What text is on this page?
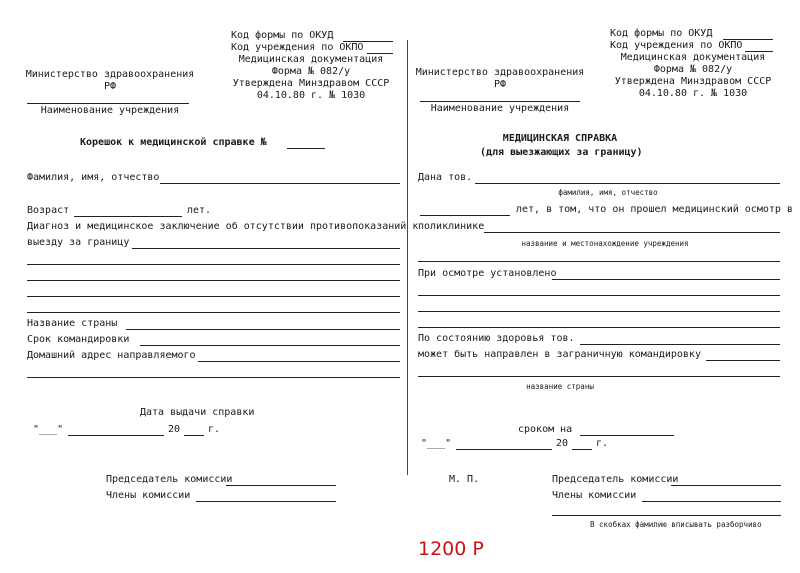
Код формы по ОКУД
Код учреждения по ОКПО
Медицинская документация
Форма № 082/у
Утверждена Минздравом СССР
04.10.80 г. № 1030
Министерство здравоохранения
РФ
Наименование учреждения
Корешок к медицинской справке №
Фамилия, имя, отчество
Возраст	лет.
Диагноз и медицинское заключение об отсутствии противопоказаний к
выезду за границу
Название страны
Срок командировки
Домашний адрес направляемого
Дата выдачи справки
"___"	20	г.
Председатель комиссии
Члены комиссии
Код формы по ОКУД
Код учреждения по ОКПО
Медицинская документация
Форма № 082/у
Утверждена Минздравом СССР
04.10.80 г. № 1030
Министерство здравоохранения
РФ
Наименование учреждения
МЕДИЦИНСКАЯ СПРАВКА
(для выезжающих за границу)
Дана тов.
фамилия, имя, отчество
лет, в том, что он прошел медицинский осмотр в
поликлинике
название и местонахождение учреждения
При осмотре установлено
По состоянию здоровья тов.
может быть направлен в заграничную командировку
название страны
сроком на
"___"	20	г.
М. П.	Председатель комиссии
Члены комиссии
В скобках фамилию вписывать разборчиво
1200 Р
